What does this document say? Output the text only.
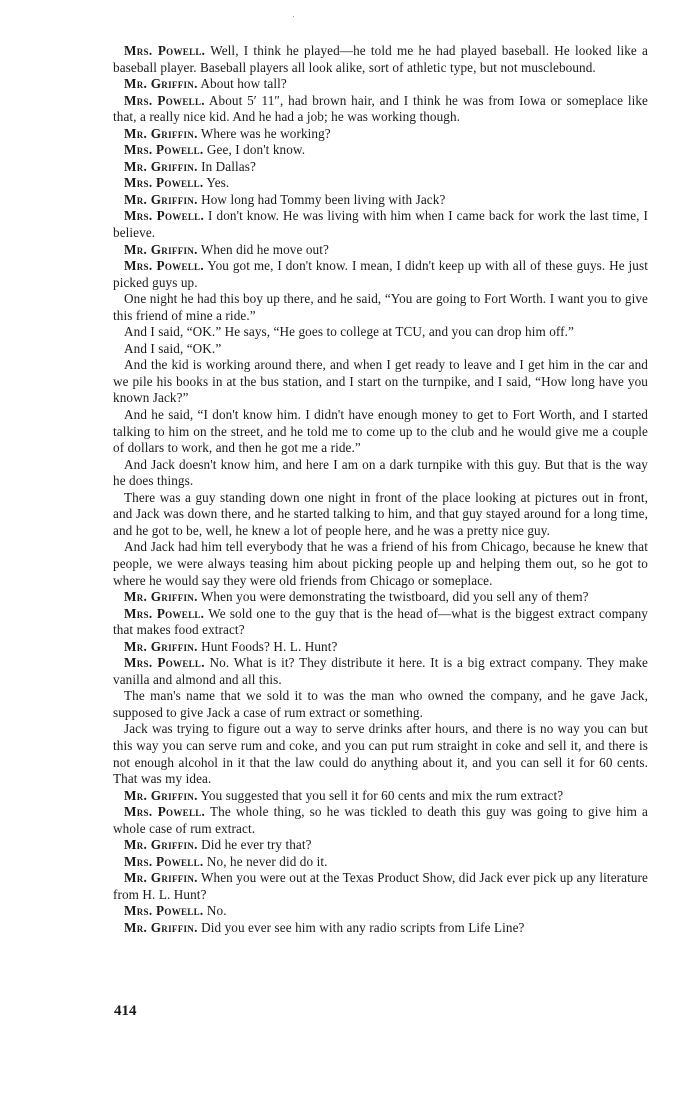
Mrs. Powell. Well, I think he played—he told me he had played baseball. He looked like a baseball player. Baseball players all look alike, sort of athletic type, but not musclebound.

Mr. Griffin. About how tall?

Mrs. Powell. About 5′ 11″, had brown hair, and I think he was from Iowa or someplace like that, a really nice kid. And he had a job; he was working though.

Mr. Griffin. Where was he working?

Mrs. Powell. Gee, I don't know.

Mr. Griffin. In Dallas?

Mrs. Powell. Yes.

Mr. Griffin. How long had Tommy been living with Jack?

Mrs. Powell. I don't know. He was living with him when I came back for work the last time, I believe.

Mr. Griffin. When did he move out?

Mrs. Powell. You got me, I don't know. I mean, I didn't keep up with all of these guys. He just picked guys up.

One night he had this boy up there, and he said, “You are going to Fort Worth. I want you to give this friend of mine a ride.”

And I said, “OK.” He says, “He goes to college at TCU, and you can drop him off.”

And I said, “OK.”

And the kid is working around there, and when I get ready to leave and I get him in the car and we pile his books in at the bus station, and I start on the turnpike, and I said, “How long have you known Jack?”

And he said, “I don't know him. I didn't have enough money to get to Fort Worth, and I started talking to him on the street, and he told me to come up to the club and he would give me a couple of dollars to work, and then he got me a ride.”

And Jack doesn't know him, and here I am on a dark turnpike with this guy. But that is the way he does things.

There was a guy standing down one night in front of the place looking at pictures out in front, and Jack was down there, and he started talking to him, and that guy stayed around for a long time, and he got to be, well, he knew a lot of people here, and he was a pretty nice guy.

And Jack had him tell everybody that he was a friend of his from Chicago, because he knew that people, we were always teasing him about picking people up and helping them out, so he got to where he would say they were old friends from Chicago or someplace.

Mr. Griffin. When you were demonstrating the twistboard, did you sell any of them?

Mrs. Powell. We sold one to the guy that is the head of—what is the biggest extract company that makes food extract?

Mr. Griffin. Hunt Foods? H. L. Hunt?

Mrs. Powell. No. What is it? They distribute it here. It is a big extract company. They make vanilla and almond and all this.

The man's name that we sold it to was the man who owned the company, and he gave Jack, supposed to give Jack a case of rum extract or something.

Jack was trying to figure out a way to serve drinks after hours, and there is no way you can but this way you can serve rum and coke, and you can put rum straight in coke and sell it, and there is not enough alcohol in it that the law could do anything about it, and you can sell it for 60 cents. That was my idea.

Mr. Griffin. You suggested that you sell it for 60 cents and mix the rum extract?

Mrs. Powell. The whole thing, so he was tickled to death this guy was going to give him a whole case of rum extract.

Mr. Griffin. Did he ever try that?

Mrs. Powell. No, he never did do it.

Mr. Griffin. When you were out at the Texas Product Show, did Jack ever pick up any literature from H. L. Hunt?

Mrs. Powell. No.

Mr. Griffin. Did you ever see him with any radio scripts from Life Line?

414
